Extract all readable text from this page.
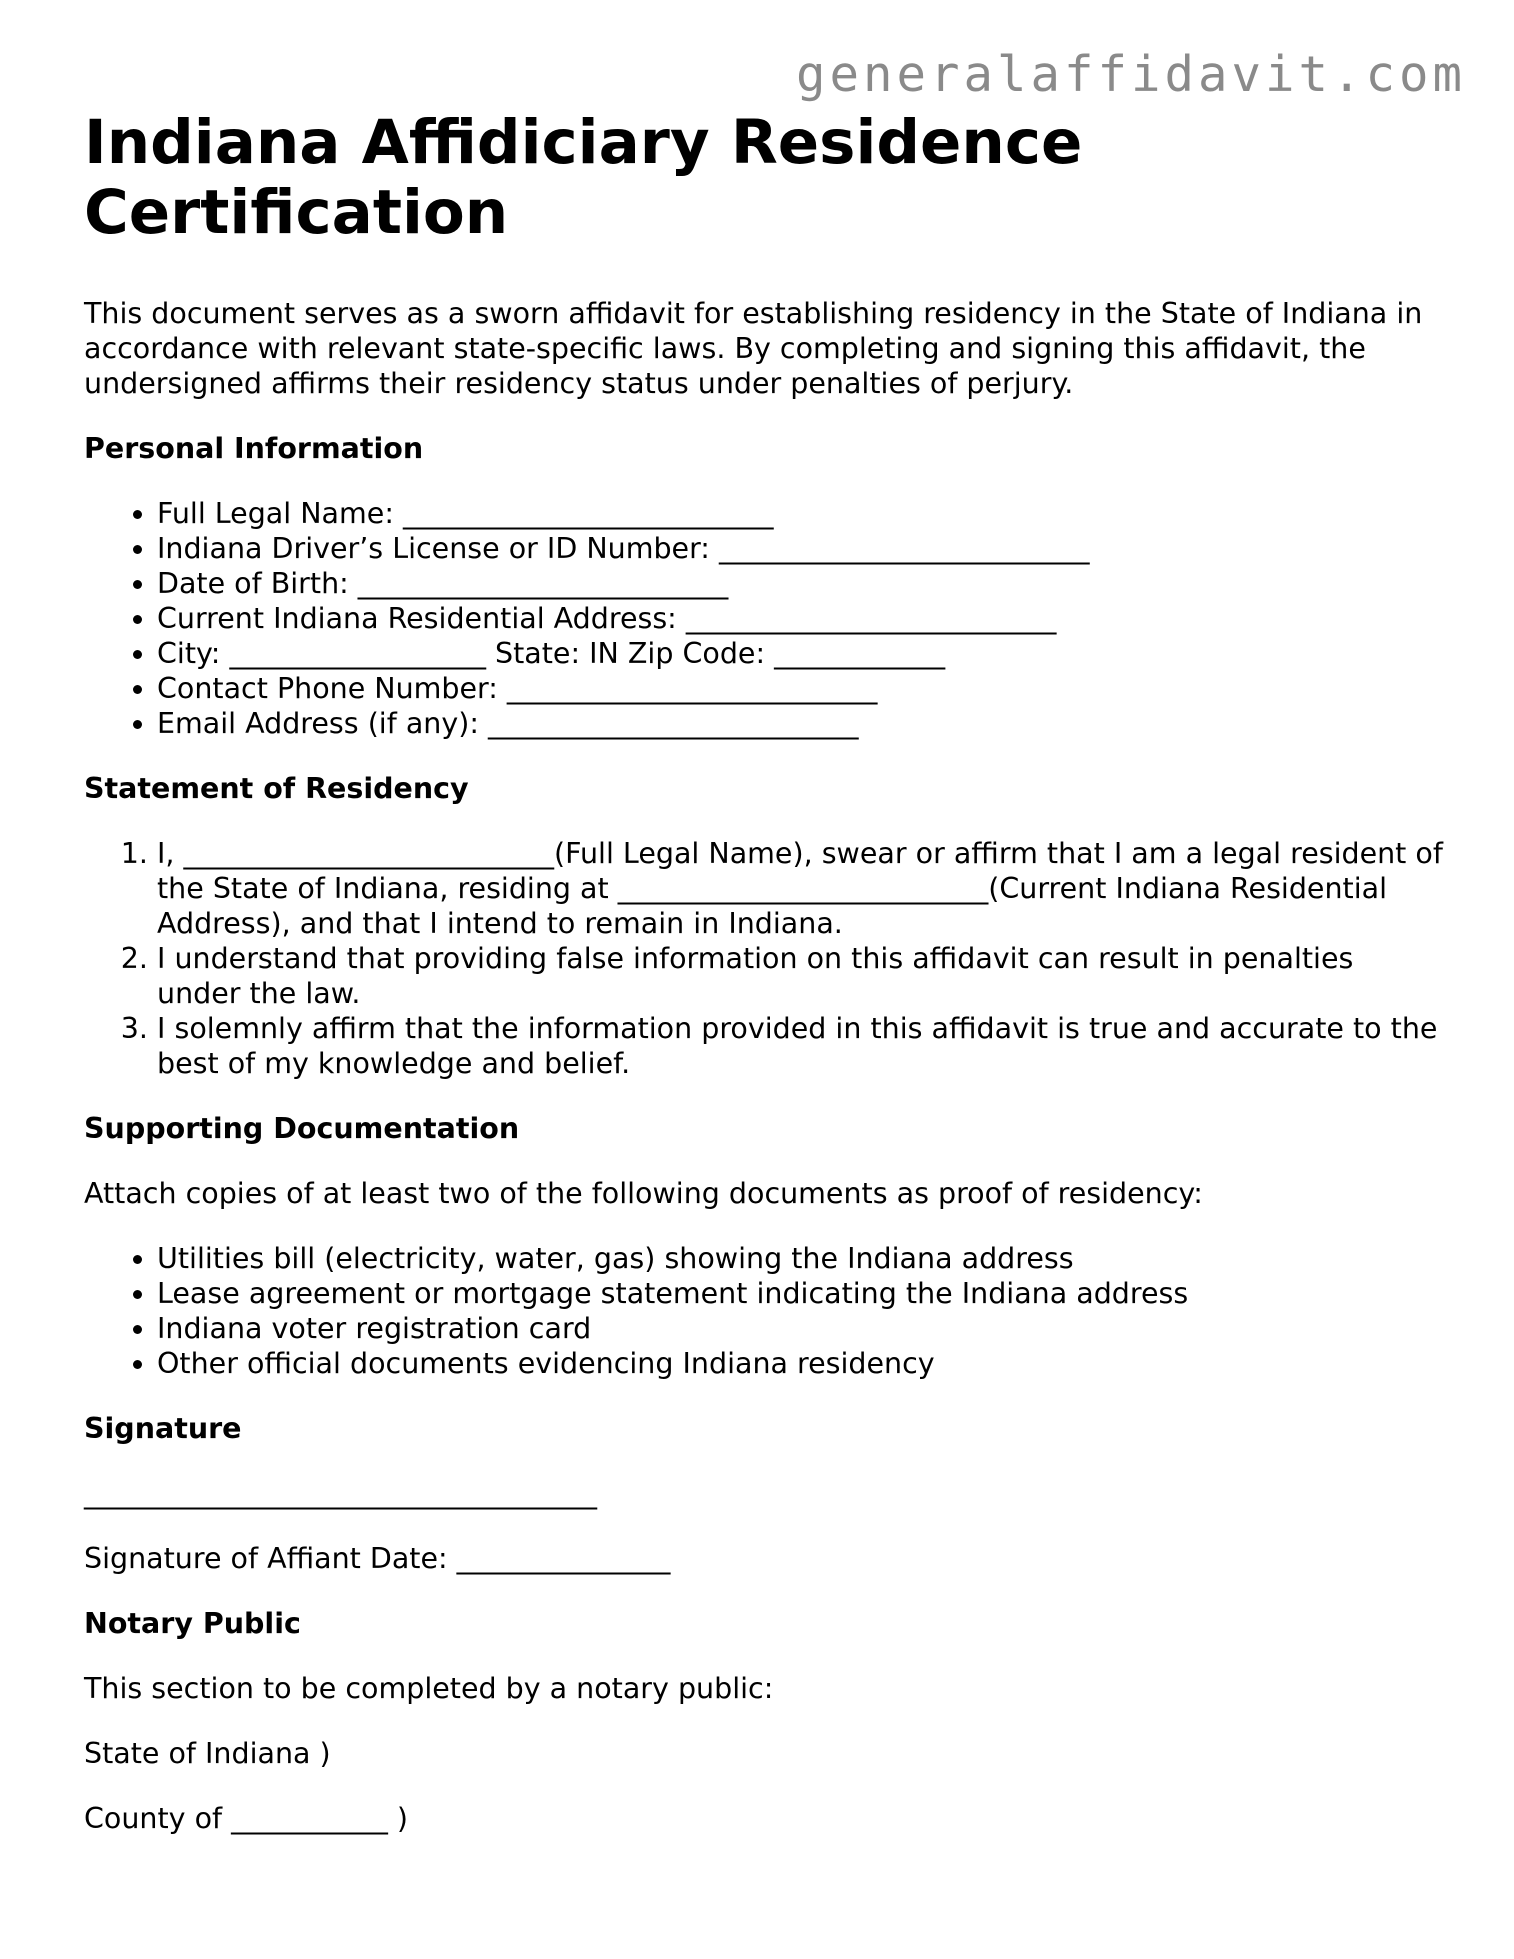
generalaffidavit.com
Indiana Affidiciary Residence Certification

This document serves as a sworn affidavit for establishing residency in the State of Indiana in accordance with relevant state-specific laws. By completing and signing this affidavit, the undersigned affirms their residency status under penalties of perjury.

Personal Information
• Full Legal Name: __________________________
• Indiana Driver’s License or ID Number: __________________________
• Date of Birth: __________________________
• Current Indiana Residential Address: __________________________
• City: __________________ State: IN Zip Code: ____________
• Contact Phone Number: __________________________
• Email Address (if any): __________________________
Statement of Residency
1. I, __________________________(Full Legal Name), swear or affirm that I am a legal resident of the State of Indiana, residing at __________________________(Current Indiana Residential Address), and that I intend to remain in Indiana.
2. I understand that providing false information on this affidavit can result in penalties under the law.
3. I solemnly affirm that the information provided in this affidavit is true and accurate to the best of my knowledge and belief.
Supporting Documentation

Attach copies of at least two of the following documents as proof of residency:

• Utilities bill (electricity, water, gas) showing the Indiana address
• Lease agreement or mortgage statement indicating the Indiana address
• Indiana voter registration card
• Other official documents evidencing Indiana residency
Signature

____________________________________

Signature of Affiant Date: _______________

Notary Public

This section to be completed by a notary public:

State of Indiana )

County of ___________ )
